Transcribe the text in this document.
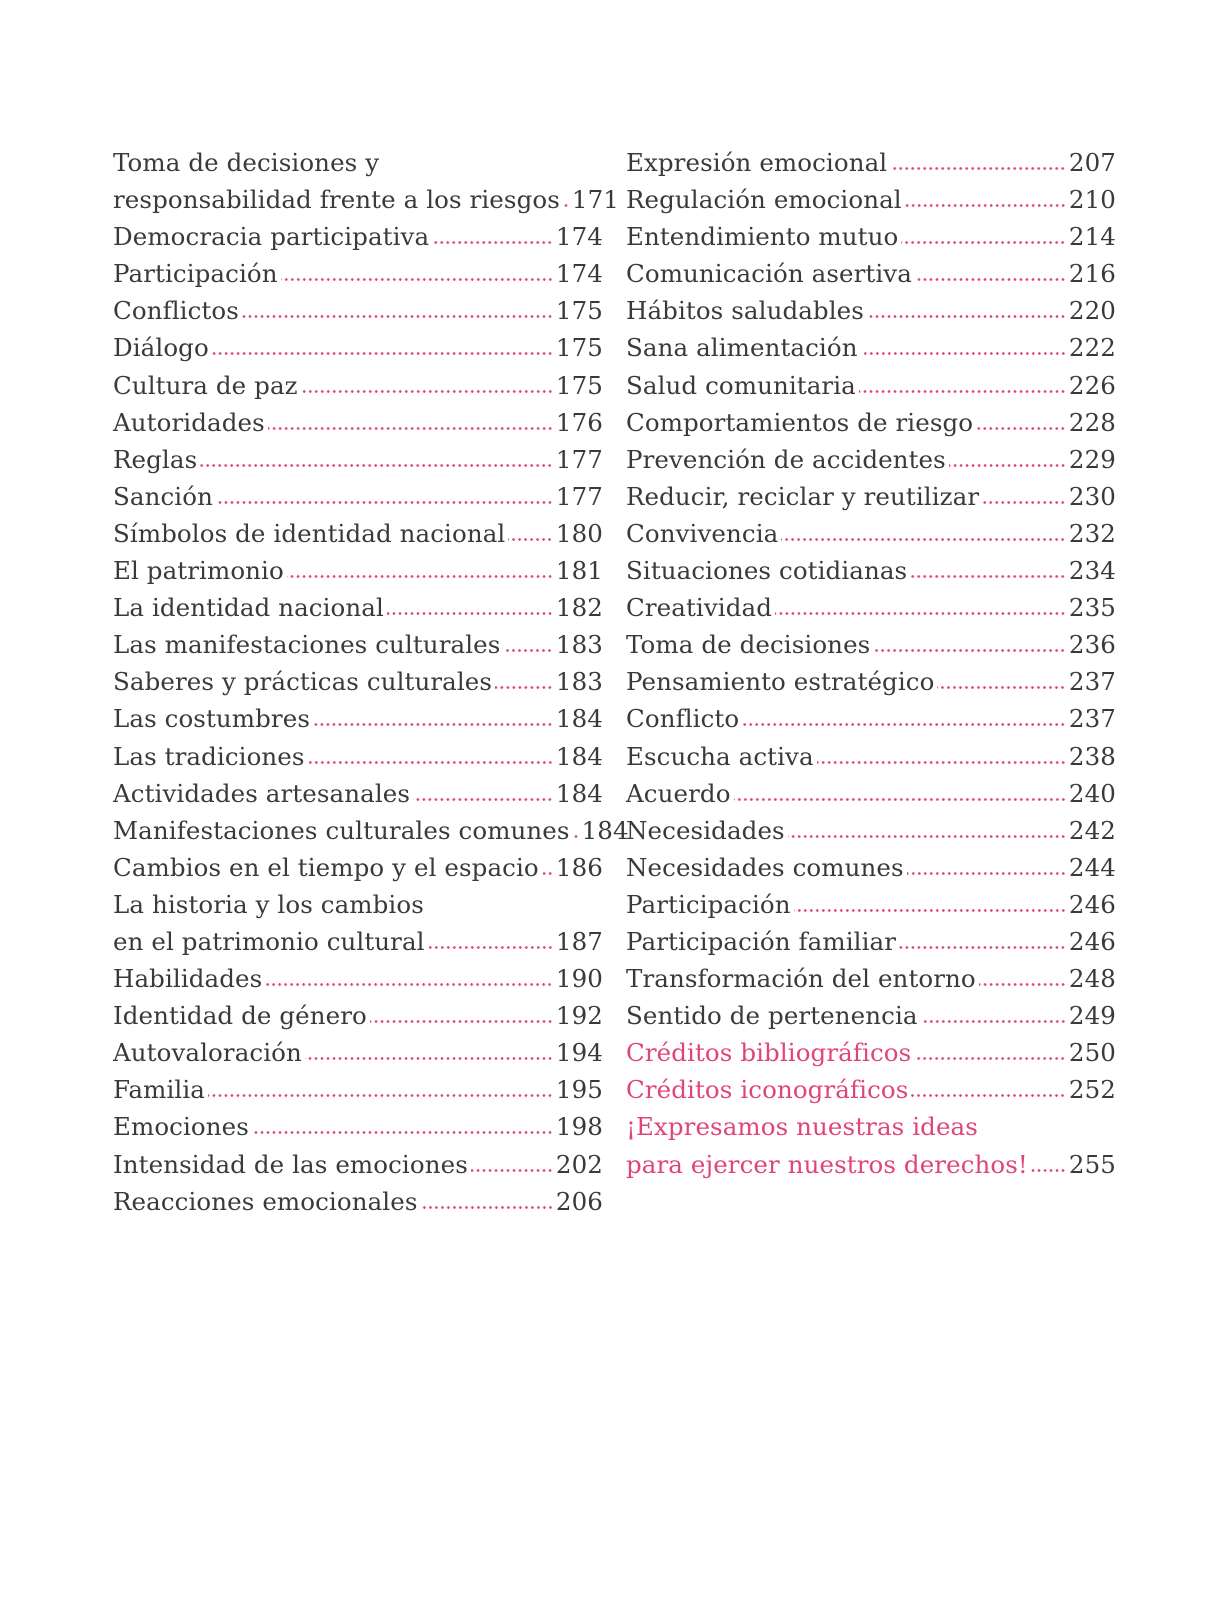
Toma de decisiones y
responsabilidad frente a los riesgos 171
Democracia participativa	174
Participación	174
Conflictos	175
Diálogo	175
Cultura de paz	175
Autoridades	176
Reglas	177
Sanción	177
Símbolos de identidad nacional 180
El patrimonio	181
La identidad nacional	182
Las manifestaciones culturales 183
Saberes y prácticas culturales	183
Las costumbres	184
Las tradiciones	184
Actividades artesanales	184
Manifestaciones culturales comunes 184
Cambios en el tiempo y el espacio 186
La historia y los cambios
en el patrimonio cultural	187
Habilidades	190
Identidad de género	192
Autovaloración	194
Familia	195
Emociones	198
Intensidad de las emociones	202
Reacciones emocionales	206
Expresión emocional	207
Regulación emocional	210
Entendimiento mutuo	214
Comunicación asertiva	216
Hábitos saludables	220
Sana alimentación	222
Salud comunitaria	226
Comportamientos de riesgo	228
Prevención de accidentes	229
Reducir, reciclar y reutilizar	230
Convivencia	232
Situaciones cotidianas	234
Creatividad	235
Toma de decisiones	236
Pensamiento estratégico	237
Conflicto	237
Escucha activa	238
Acuerdo	240
Necesidades	242
Necesidades comunes	244
Participación	246
Participación familiar	246
Transformación del entorno	248
Sentido de pertenencia	249
Créditos bibliográficos	250
Créditos iconográficos	252
¡Expresamos nuestras ideas
para ejercer nuestros derechos! 255
